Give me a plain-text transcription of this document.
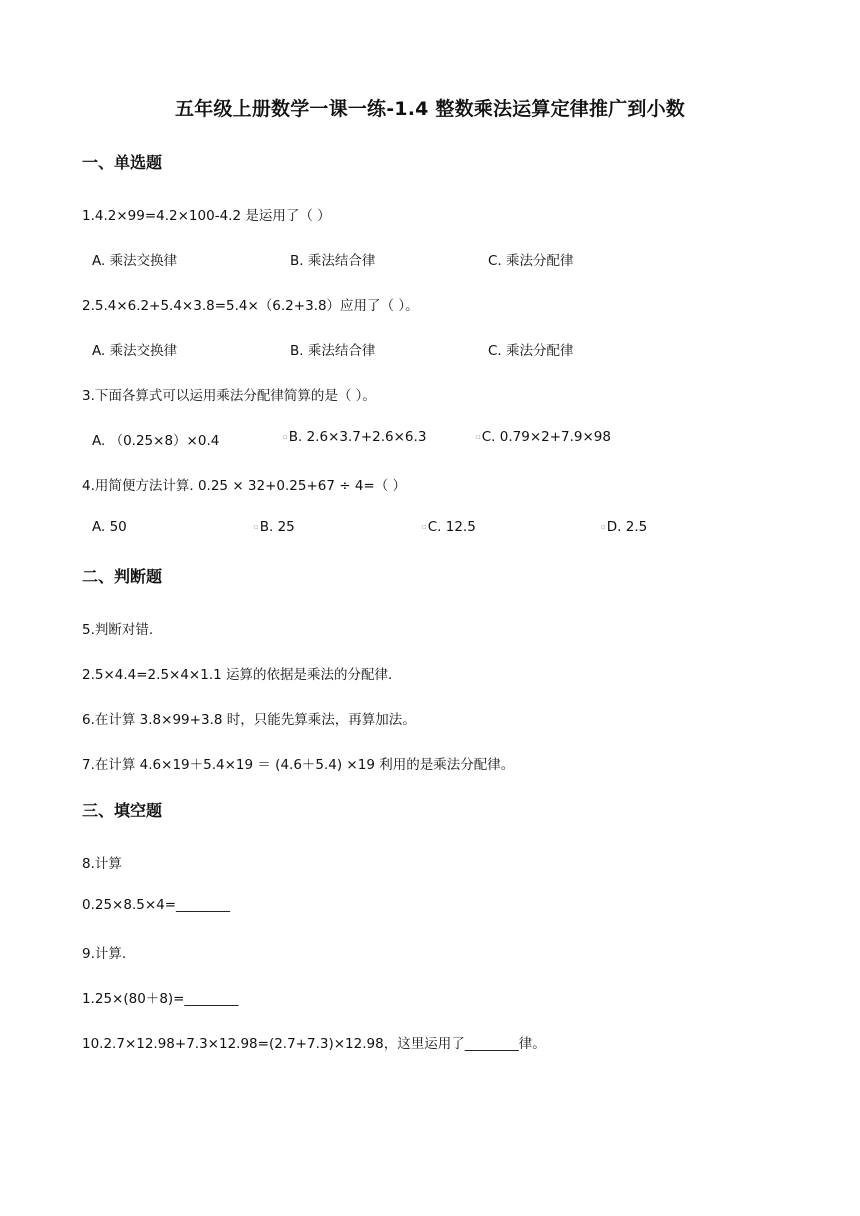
五年级上册数学一课一练-1.4 整数乘法运算定律推广到小数
一、单选题
1.4.2×99=4.2×100-4.2 是运用了（ ）
A. 乘法交换律	B. 乘法结合律	C. 乘法分配律
2.5.4×6.2+5.4×3.8=5.4×（6.2+3.8）应用了（ ）。
A. 乘法交换律	B. 乘法结合律	C. 乘法分配律
3.下面各算式可以运用乘法分配律简算的是（ ）。
A. （0.25×8）×0.4	▫B. 2.6×3.7+2.6×6.3	▫C. 0.79×2+7.9×98
4.用简便方法计算. 0.25 × 32+0.25+67 ÷ 4=（ ）
A. 50	▫B. 25	▫C. 12.5	▫D. 2.5
二、判断题
5.判断对错.
2.5×4.4=2.5×4×1.1 运算的依据是乘法的分配律.
6.在计算 3.8×99+3.8 时，只能先算乘法，再算加法。
7.在计算 4.6×19＋5.4×19 ＝ (4.6＋5.4) ×19 利用的是乘法分配律。
三、填空题
8.计算
0.25×8.5×4=________
9.计算.
1.25×(80＋8)=________
10.2.7×12.98+7.3×12.98=(2.7+7.3)×12.98，这里运用了________律。
